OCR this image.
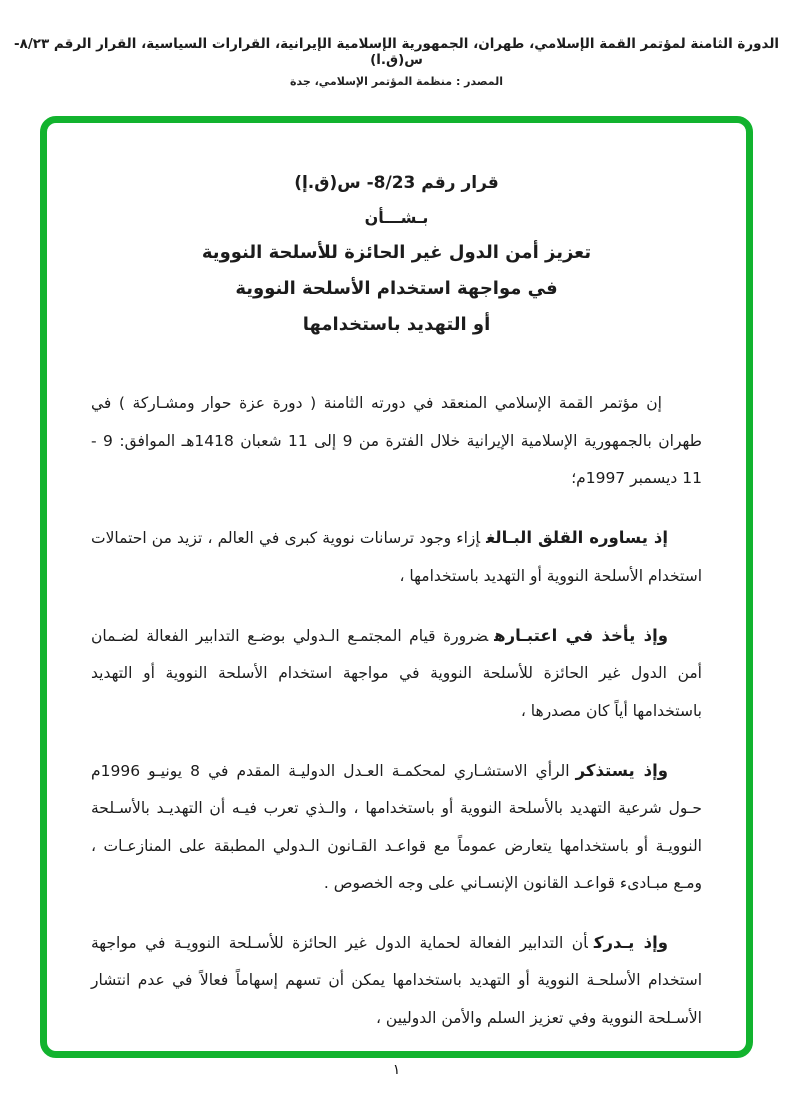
الدورة الثامنة لمؤتمر القمة الإسلامي، طهران، الجمهورية الإسلامية الإيرانية، القرارات السياسية، القرار الرقم ٨/٢٣-س(ق.ا)
المصدر : منظمة المؤتمر الإسلامي، جدة
قرار رقم 8/23- س(ق.إ)
بـشـــأن
تعزيز أمن الدول غير الحائزة للأسلحة النووية
في مواجهة استخدام الأسلحة النووية
أو التهديد باستخدامها

إن مؤتمر القمة الإسلامي المنعقد في دورته الثامنة ( دورة عزة حوار ومشـاركة ) في طهران بالجمهورية الإسلامية الإيرانية خلال الفترة من 9 إلى 11 شعبان 1418هـ الموافق: 9 - 11 ديسمبر 1997م؛

إذ يساوره القلق البـالغإزاء وجود ترسانات نووية كبرى في العالم ، تزيد من احتمالات استخدام الأسلحة النووية أو التهديد باستخدامها ،

وإذ يأخذ في اعتبـارهضرورة قيام المجتمـع الـدولي بوضـع التدابير الفعالة لضـمان أمن الدول غير الحائزة للأسلحة النووية في مواجهة استخدام الأسلحة النووية أو التهديد باستخدامها أياً كان مصدرها ،

وإذ يستذكرالرأي الاستشـاري لمحكمـة العـدل الدوليـة المقدم في 8 يونيـو 1996م حـول شرعية التهديد بالأسلحة النووية أو باستخدامها ، والـذي تعرب فيـه أن التهديـد بالأسـلحة النوويـة أو باستخدامها يتعارض عموماً مع قواعـد القـانون الـدولي المطبقة على المنازعـات ، ومـع مبـادىء قواعـد القانون الإنسـاني على وجه الخصوص .

وإذ يـدركأن التدابير الفعالة لحماية الدول غير الحائزة للأسـلحة النوويـة في مواجهة استخدام الأسلحـة النووية أو التهديد باستخدامها يمكن أن تسهم إسهاماً فعالاً في عدم انتشار الأسـلحة النووية وفي تعزيز السلم والأمن الدوليين ،

١
